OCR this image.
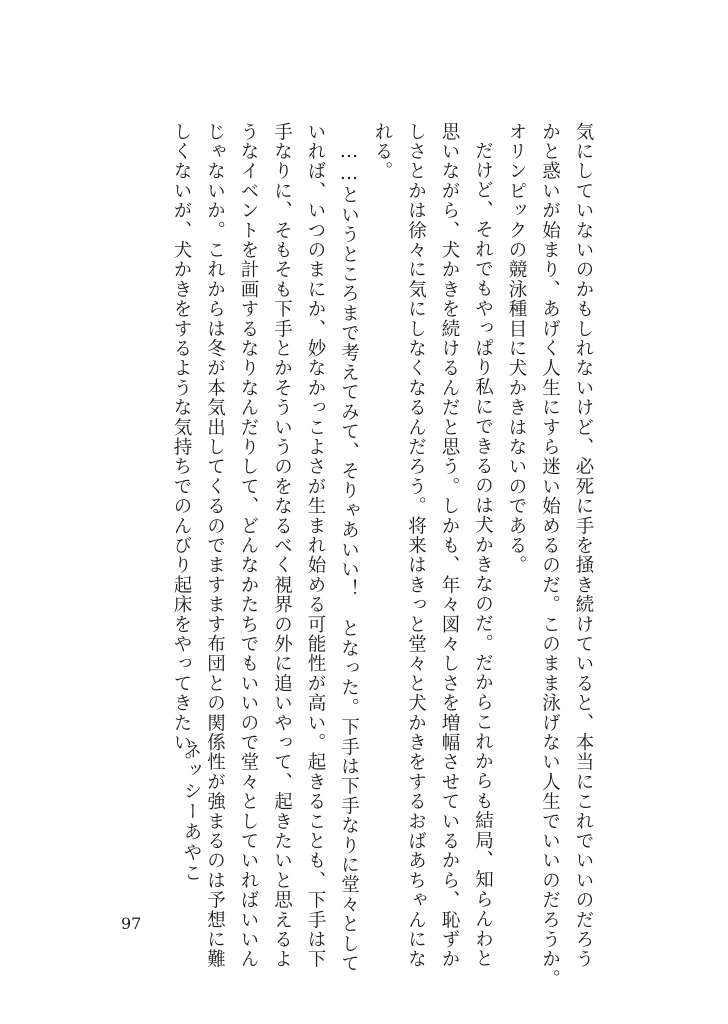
気にしていないのかもしれないけど、必死に手を掻き続けていると、本当にこれでいいのだろう

かと惑いが始まり、あげく人生にすら迷い始めるのだ。このまま泳げない人生でいいのだろうか。

オリンピックの競泳種目に犬かきはないのである。

だけど、それでもやっぱり私にできるのは犬かきなのだ。だからこれからも結局、知らんわと

思いながら、犬かきを続けるんだと思う。しかも、年々図々しさを増幅させているから、恥ずか

しさとかは徐々に気にしなくなるんだろう。将来はきっと堂々と犬かきをするおばあちゃんにな

れる。

……というところまで考えてみて、そりゃあいい！　となった。下手は下手なりに堂々として

いれば、いつのまにか、妙なかっこよさが生まれ始める可能性が高い。起きることも、下手は下

手なりに、そもそも下手とかそういうのをなるべく視界の外に追いやって、起きたいと思えるよ

うなイベントを計画するなりなんだりして、どんなかたちでもいいので堂々としていればいいん

じゃないか。これからは冬が本気出してくるのでますます布団との関係性が強まるのは予想に難

しくないが、犬かきをするような気持ちでのんびり起床をやってきたい。

ネッシーあやこ

97
